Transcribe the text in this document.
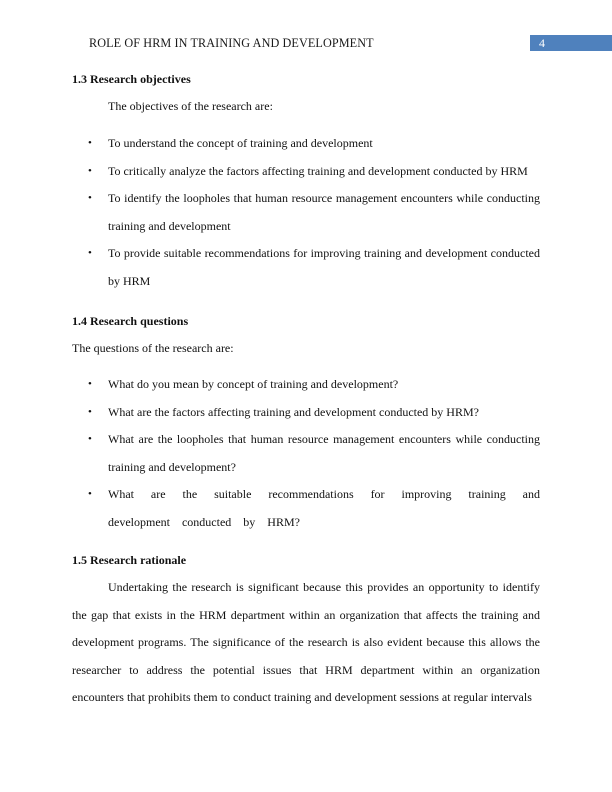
ROLE OF HRM IN TRAINING AND DEVELOPMENT	4
1.3 Research objectives
The objectives of the research are:
• To understand the concept of training and development
• To critically analyze the factors affecting training and development conducted by HRM
• To identify the loopholes that human resource management encounters while conducting training and development
• To provide suitable recommendations for improving training and development conducted by HRM
1.4 Research questions
The questions of the research are:
• What do you mean by concept of training and development?
• What are the factors affecting training and development conducted by HRM?
• What are the loopholes that human resource management encounters while conducting training and development?
• What are the suitable recommendations for improving training and development conducted by HRM?
1.5 Research rationale

Undertaking the research is significant because this provides an opportunity to identify the gap that exists in the HRM department within an organization that affects the training and development programs. The significance of the research is also evident because this allows the researcher to address the potential issues that HRM department within an organization encounters that prohibits them to conduct training and development sessions at regular intervals
